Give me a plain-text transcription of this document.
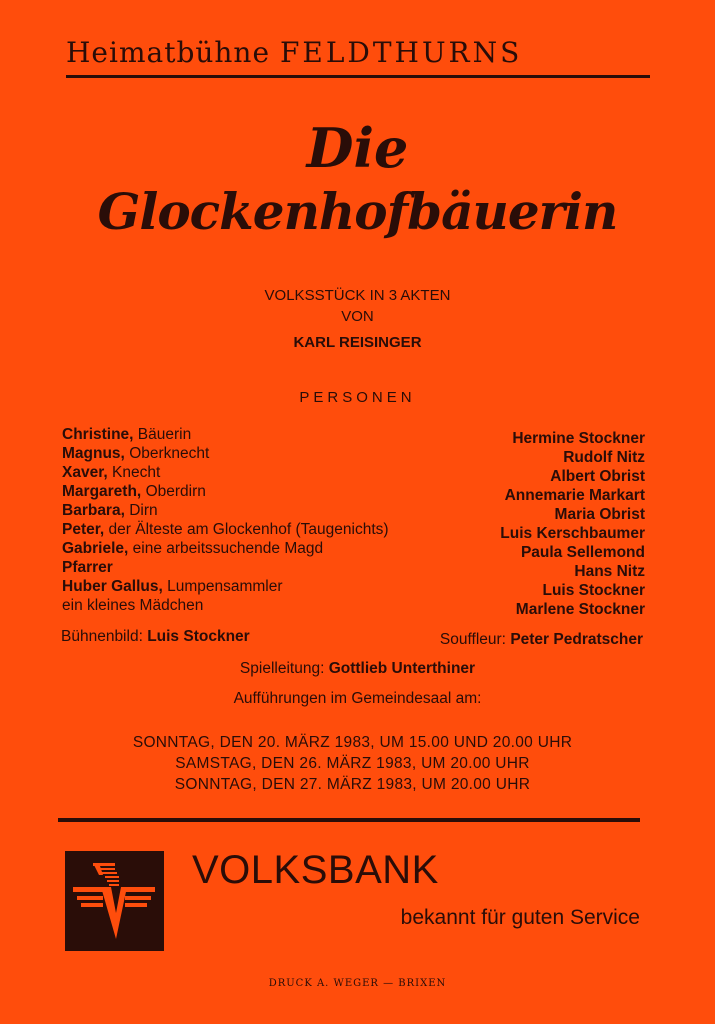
Heimatbühne FELDTHURNS
Die
Glockenhofbäuerin
VOLKSSTÜCK IN 3 AKTEN
VON
KARL REISINGER
PERSONEN
Christine, Bäuerin
Magnus, Oberknecht
Xaver, Knecht
Margareth, Oberdirn
Barbara, Dirn
Peter, der Älteste am Glockenhof (Taugenichts)
Gabriele, eine arbeitssuchende Magd
Pfarrer
Huber Gallus, Lumpensammler
ein kleines Mädchen
Hermine Stockner
Rudolf Nitz
Albert Obrist
Annemarie Markart
Maria Obrist
Luis Kerschbaumer
Paula Sellemond
Hans Nitz
Luis Stockner
Marlene Stockner
Bühnenbild: Luis Stockner	Souffleur: Peter Pedratscher
Spielleitung: Gottlieb Unterthiner
Aufführungen im Gemeindesaal am:
SONNTAG, DEN 20. MÄRZ 1983, UM 15.00 UND 20.00 UHR
SAMSTAG, DEN 26. MÄRZ 1983, UM 20.00 UHR
SONNTAG, DEN 27. MÄRZ 1983, UM 20.00 UHR
VOLKSBANK
bekannt für guten Service
DRUCK A. WEGER — BRIXEN
